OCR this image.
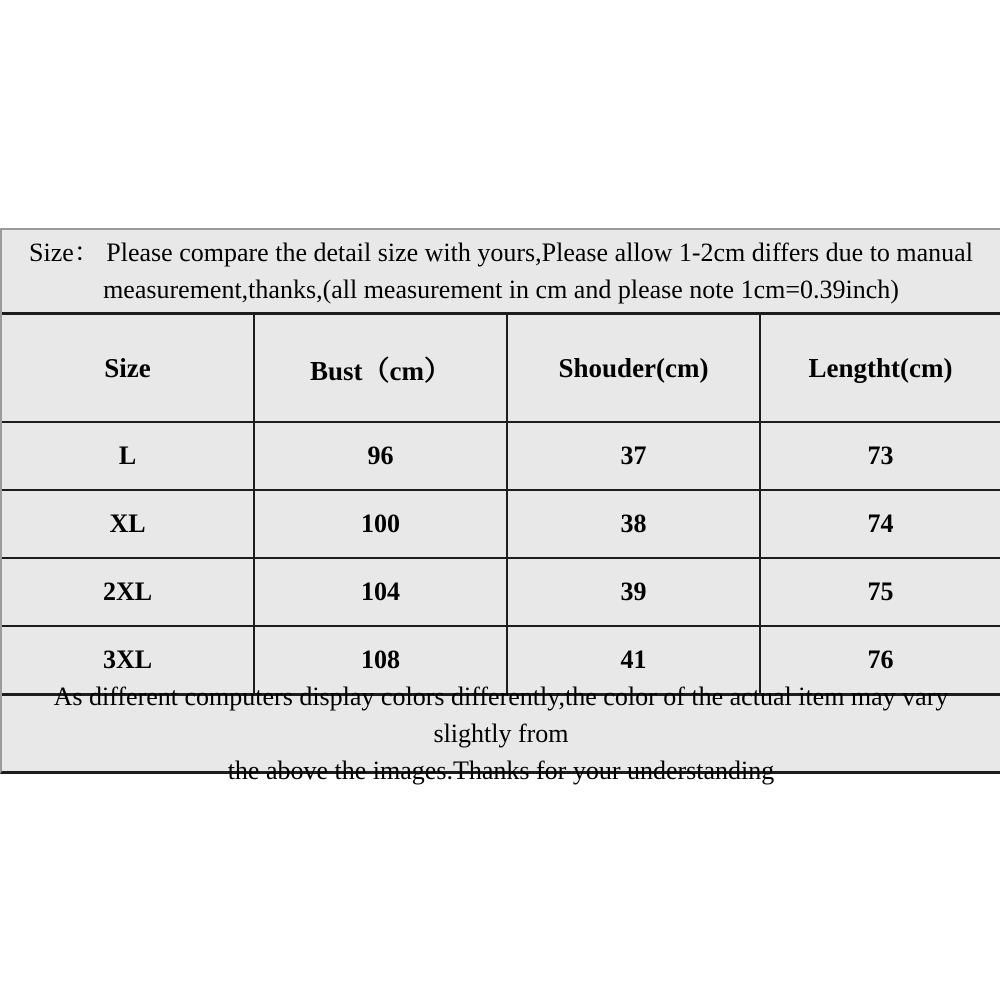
Size： Please compare the detail size with yours,Please allow 1-2cm differs due to manual
measurement,thanks,(all measurement in cm and please note 1cm=0.39inch)
Size	Bust（cm）	Shouder(cm)	Lengtht(cm)
L	96	37	73
XL	100	38	74
2XL	104	39	75
3XL	108	41	76
As different computers display colors differently,the color of the actual item may vary slightly from
the above the images.Thanks for your understanding
